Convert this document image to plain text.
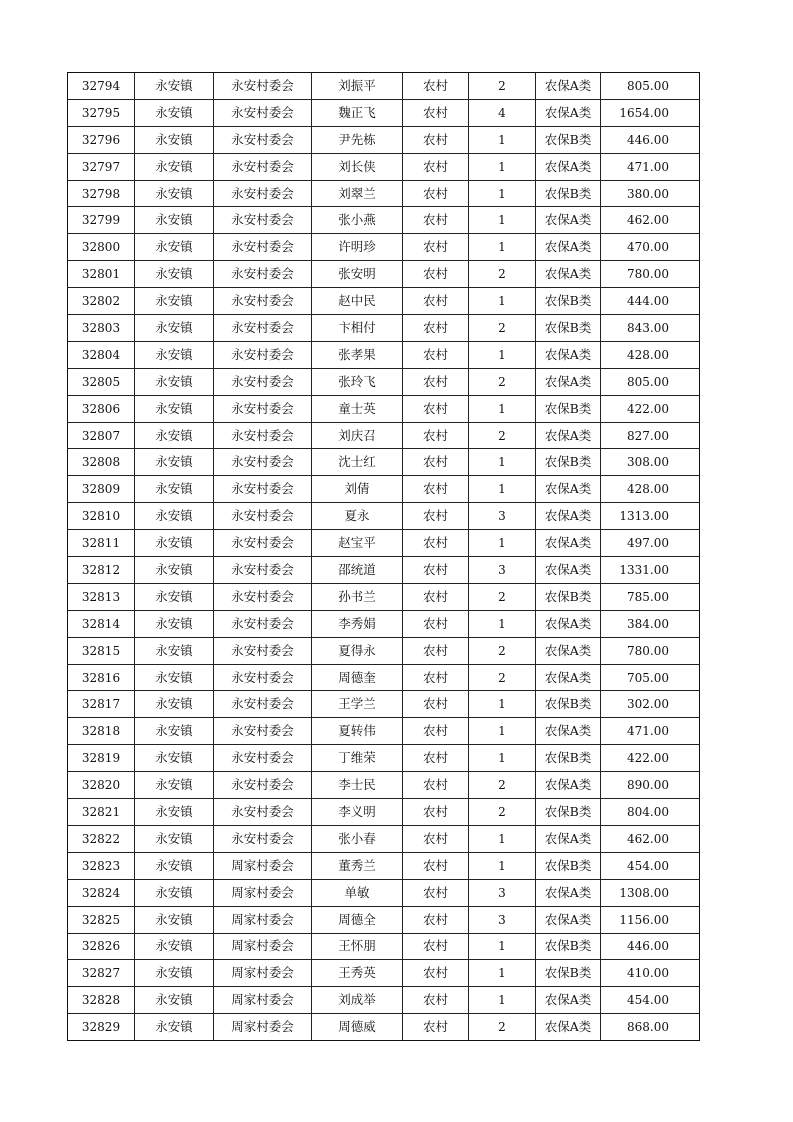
32794	永安镇	永安村委会	刘振平	农村	2	农保A类	805.00
32795	永安镇	永安村委会	魏正飞	农村	4	农保A类	1654.00
32796	永安镇	永安村委会	尹先栋	农村	1	农保B类	446.00
32797	永安镇	永安村委会	刘长侠	农村	1	农保A类	471.00
32798	永安镇	永安村委会	刘翠兰	农村	1	农保B类	380.00
32799	永安镇	永安村委会	张小燕	农村	1	农保A类	462.00
32800	永安镇	永安村委会	许明珍	农村	1	农保A类	470.00
32801	永安镇	永安村委会	张安明	农村	2	农保A类	780.00
32802	永安镇	永安村委会	赵中民	农村	1	农保B类	444.00
32803	永安镇	永安村委会	卞相付	农村	2	农保B类	843.00
32804	永安镇	永安村委会	张孝果	农村	1	农保A类	428.00
32805	永安镇	永安村委会	张玲飞	农村	2	农保A类	805.00
32806	永安镇	永安村委会	童士英	农村	1	农保B类	422.00
32807	永安镇	永安村委会	刘庆召	农村	2	农保A类	827.00
32808	永安镇	永安村委会	沈士红	农村	1	农保B类	308.00
32809	永安镇	永安村委会	刘倩	农村	1	农保A类	428.00
32810	永安镇	永安村委会	夏永	农村	3	农保A类	1313.00
32811	永安镇	永安村委会	赵宝平	农村	1	农保A类	497.00
32812	永安镇	永安村委会	邵统道	农村	3	农保A类	1331.00
32813	永安镇	永安村委会	孙书兰	农村	2	农保B类	785.00
32814	永安镇	永安村委会	李秀娟	农村	1	农保A类	384.00
32815	永安镇	永安村委会	夏得永	农村	2	农保A类	780.00
32816	永安镇	永安村委会	周德奎	农村	2	农保A类	705.00
32817	永安镇	永安村委会	王学兰	农村	1	农保B类	302.00
32818	永安镇	永安村委会	夏转伟	农村	1	农保A类	471.00
32819	永安镇	永安村委会	丁维荣	农村	1	农保B类	422.00
32820	永安镇	永安村委会	李士民	农村	2	农保A类	890.00
32821	永安镇	永安村委会	李义明	农村	2	农保B类	804.00
32822	永安镇	永安村委会	张小春	农村	1	农保A类	462.00
32823	永安镇	周家村委会	董秀兰	农村	1	农保B类	454.00
32824	永安镇	周家村委会	单敏	农村	3	农保A类	1308.00
32825	永安镇	周家村委会	周德全	农村	3	农保A类	1156.00
32826	永安镇	周家村委会	王怀朋	农村	1	农保B类	446.00
32827	永安镇	周家村委会	王秀英	农村	1	农保B类	410.00
32828	永安镇	周家村委会	刘成举	农村	1	农保A类	454.00
32829	永安镇	周家村委会	周德威	农村	2	农保A类	868.00
